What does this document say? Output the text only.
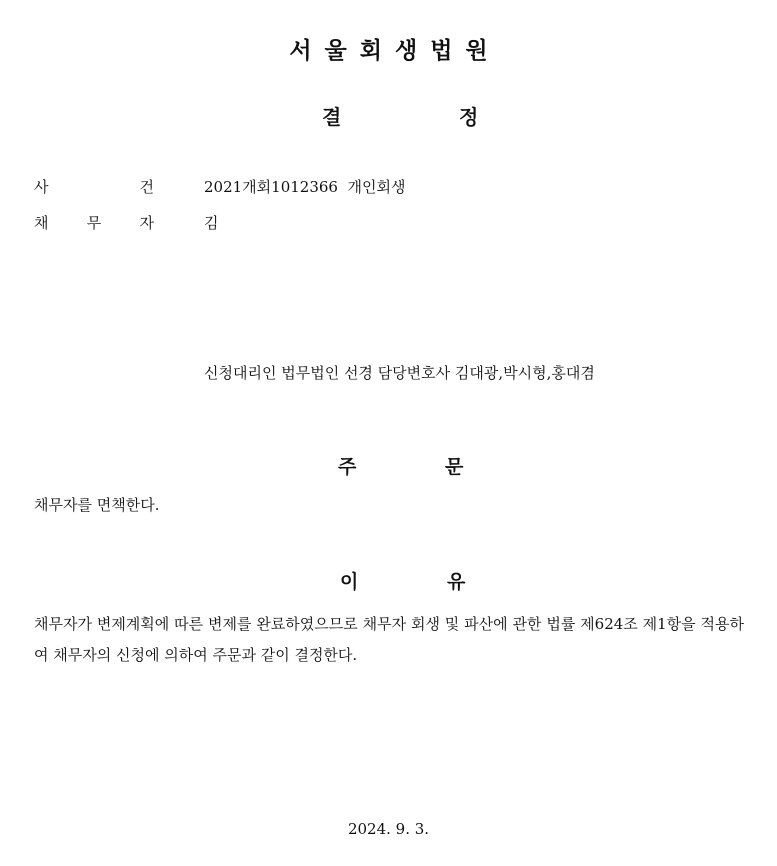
서울회생법원
결	정
사	건	2021개회1012366  개인회생
채	무	자	김
신청대리인 법무법인 선경 담당변호사 김대광,박시형,홍대겸
주	문
채무자를 면책한다.
이	유
채무자가 변제계획에 따른 변제를 완료하였으므로 채무자 회생 및 파산에 관한 법률 제624조 제1항을 적용하여 채무자의 신청에 의하여 주문과 같이 결정한다.
2024. 9. 3.
